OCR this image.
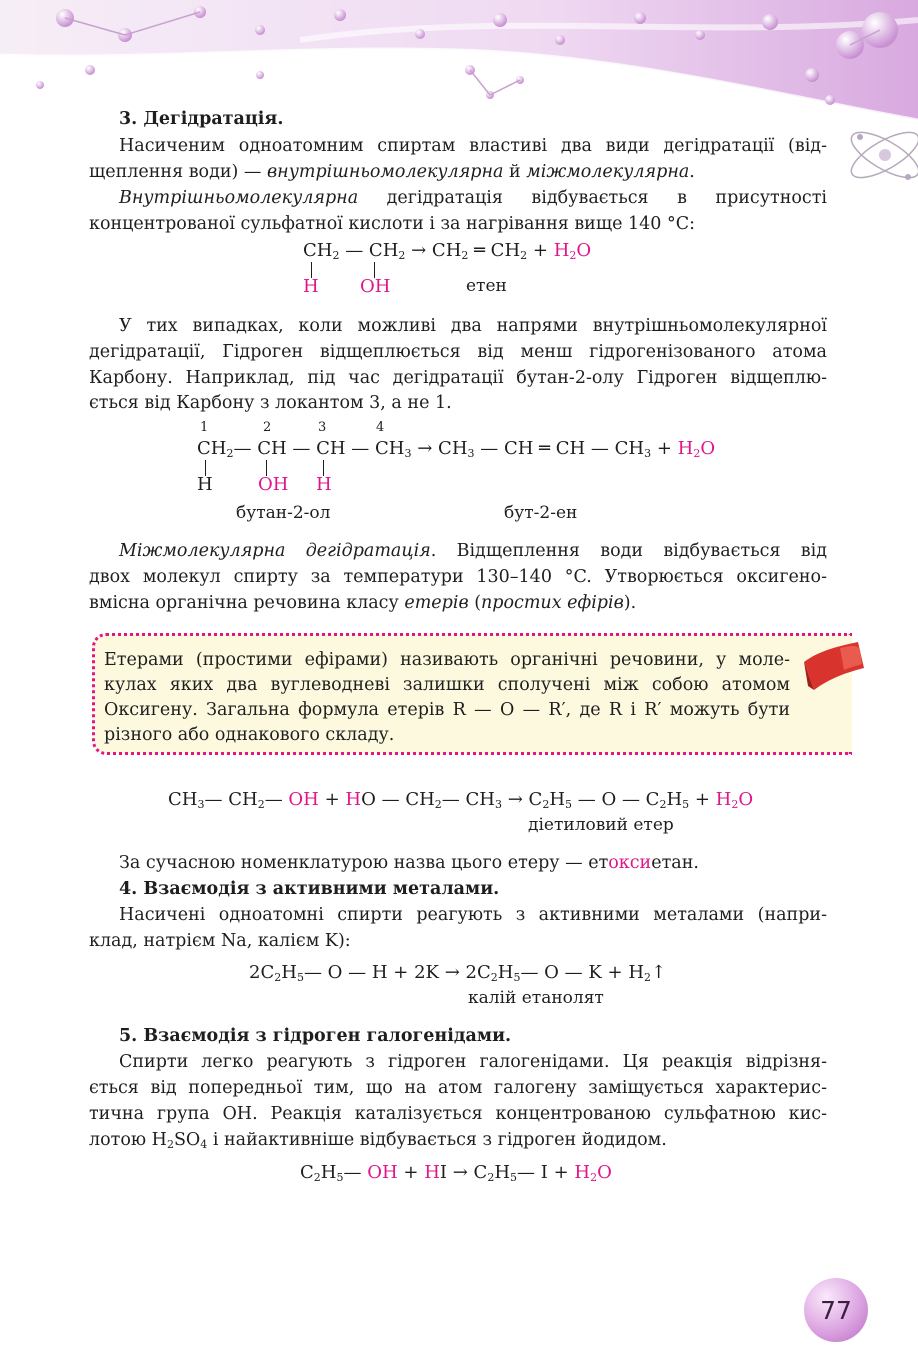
3. Дегідратація.
Насиченим одноатомним спиртам властиві два види дегідратації (від-
щеплення води) — внутрішньомолекулярна й міжмолекулярна.
Внутрішньомолекулярна дегідратація відбувається в присутності
концентрованої сульфатної кислоти і за нагрівання вище 140 °C:
$CH_2$ — $CH_2 \to CH_2$ ═ $CH_2 + H_2O$
H OH	етен
У тих випадках, коли можливі два напрями внутрішньомолекулярної
дегідратації, Гідроген відщеплюється від менш гідрогенізованого атома
Карбону. Наприклад, під час дегідратації бутан-2-олу Гідроген відщеплю-
ється від Карбону з локантом 3, а не 1.
1	2	3	4
$CH_2—$ CH — CH — $CH_3 \to CH_3$ — CH ═ CH — $CH_3 + H_2O$
H	OH H
бутан-2-ол	бут-2-ен
Міжмолекулярна дегідратація. Відщеплення води відбувається від
двох молекул спирту за температури 130–140 °C. Утворюється оксигено-
вмісна органічна речовина класу етерів (простих ефірів).
Етерами (простими ефірами) називають органічні речовини, у моле-
кулах яких два вуглеводневі залишки сполучені між собою атомом
Оксигену. Загальна формула етерів R — O — R′, де R і R′ можуть бути
різного або однакового складу.
$CH_3—$ $CH_2—$ OH + HO — $CH_2—$ $CH_3 \to C_2H_5$ — O — $C_2H_5 + H_2O$
діетиловий етер
За сучасною номенклатурою назва цього етеру — етоксиетан.
4. Взаємодія з активними металами.
Насичені одноатомні спирти реагують з активними металами (напри-
клад, натрієм Na, калієм K):
$2C_2H_5—$ O — $H + 2K \to 2C_2H_5—$ O — $K + H_2↑$
калій етанолят
5. Взаємодія з гідроген галогенідами.
Спирти легко реагують з гідроген галогенідами. Ця реакція відрізня-
ється від попередньої тим, що на атом галогену заміщується характерис-
тична група OH. Реакція каталізується концентрованою сульфатною кис-
лотою $H_2SO_4$ і найактивніше відбувається з гідроген йодидом.
$C_2H_5—$ OH + HI → $C_2H_5—$ $I + H_2O$
77
